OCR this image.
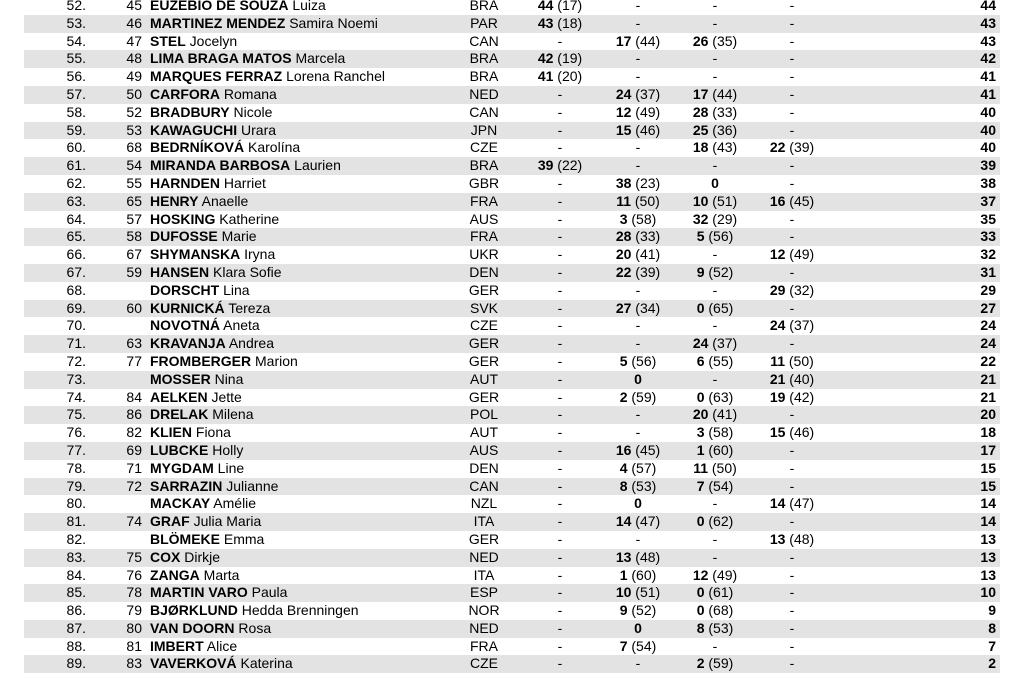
52.	45 EUZEBIO DE SOUZA Luiza	BRA	44 (17)	-	-	-	44
53.	46 MARTINEZ MENDEZ Samira Noemi	PAR	43 (18)	-	-	-	43
54.	47 STEL Jocelyn	CAN	-	17 (44)	26 (35)	-	43
55.	48 LIMA BRAGA MATOS Marcela	BRA	42 (19)	-	-	-	42
56.	49 MARQUES FERRAZ Lorena Ranchel	BRA	41 (20)	-	-	-	41
57.	50 CARFORA Romana	NED	-	24 (37)	17 (44)	-	41
58.	52 BRADBURY Nicole	CAN	-	12 (49)	28 (33)	-	40
59.	53 KAWAGUCHI Urara	JPN	-	15 (46)	25 (36)	-	40
60.	68 BEDRNÍKOVÁ Karolína	CZE	-	-	18 (43)	22 (39)	40
61.	54 MIRANDA BARBOSA Laurien	BRA	39 (22)	-	-	-	39
62.	55 HARNDEN Harriet	GBR	-	38 (23)	0	-	38
63.	65 HENRY Anaelle	FRA	-	11 (50)	10 (51)	16 (45)	37
64.	57 HOSKING Katherine	AUS	-	3 (58)	32 (29)	-	35
65.	58 DUFOSSE Marie	FRA	-	28 (33)	5 (56)	-	33
66.	67 SHYMANSKA Iryna	UKR	-	20 (41)	-	12 (49)	32
67.	59 HANSEN Klara Sofie	DEN	-	22 (39)	9 (52)	-	31
68.	DORSCHT Lina	GER	-	-	-	29 (32)	29
69.	60 KURNICKÁ Tereza	SVK	-	27 (34)	0 (65)	-	27
70.	NOVOTNÁ Aneta	CZE	-	-	-	24 (37)	24
71.	63 KRAVANJA Andrea	GER	-	-	24 (37)	-	24
72.	77 FROMBERGER Marion	GER	-	5 (56)	6 (55)	11 (50)	22
73.	MOSSER Nina	AUT	-	0	-	21 (40)	21
74.	84 AELKEN Jette	GER	-	2 (59)	0 (63)	19 (42)	21
75.	86 DRELAK Milena	POL	-	-	20 (41)	-	20
76.	82 KLIEN Fiona	AUT	-	-	3 (58)	15 (46)	18
77.	69 LUBCKE Holly	AUS	-	16 (45)	1 (60)	-	17
78.	71 MYGDAM Line	DEN	-	4 (57)	11 (50)	-	15
79.	72 SARRAZIN Julianne	CAN	-	8 (53)	7 (54)	-	15
80.	MACKAY Amélie	NZL	-	0	-	14 (47)	14
81.	74 GRAF Julia Maria	ITA	-	14 (47)	0 (62)	-	14
82.	BLÖMEKE Emma	GER	-	-	-	13 (48)	13
83.	75 COX Dirkje	NED	-	13 (48)	-	-	13
84.	76 ZANGA Marta	ITA	-	1 (60)	12 (49)	-	13
85.	78 MARTIN VARO Paula	ESP	-	10 (51)	0 (61)	-	10
86.	79 BJØRKLUND Hedda Brenningen	NOR	-	9 (52)	0 (68)	-	9
87.	80 VAN DOORN Rosa	NED	-	0	8 (53)	-	8
88.	81 IMBERT Alice	FRA	-	7 (54)	-	-	7
89.	83 VAVERKOVÁ Katerina	CZE	-	-	2 (59)	-	2
